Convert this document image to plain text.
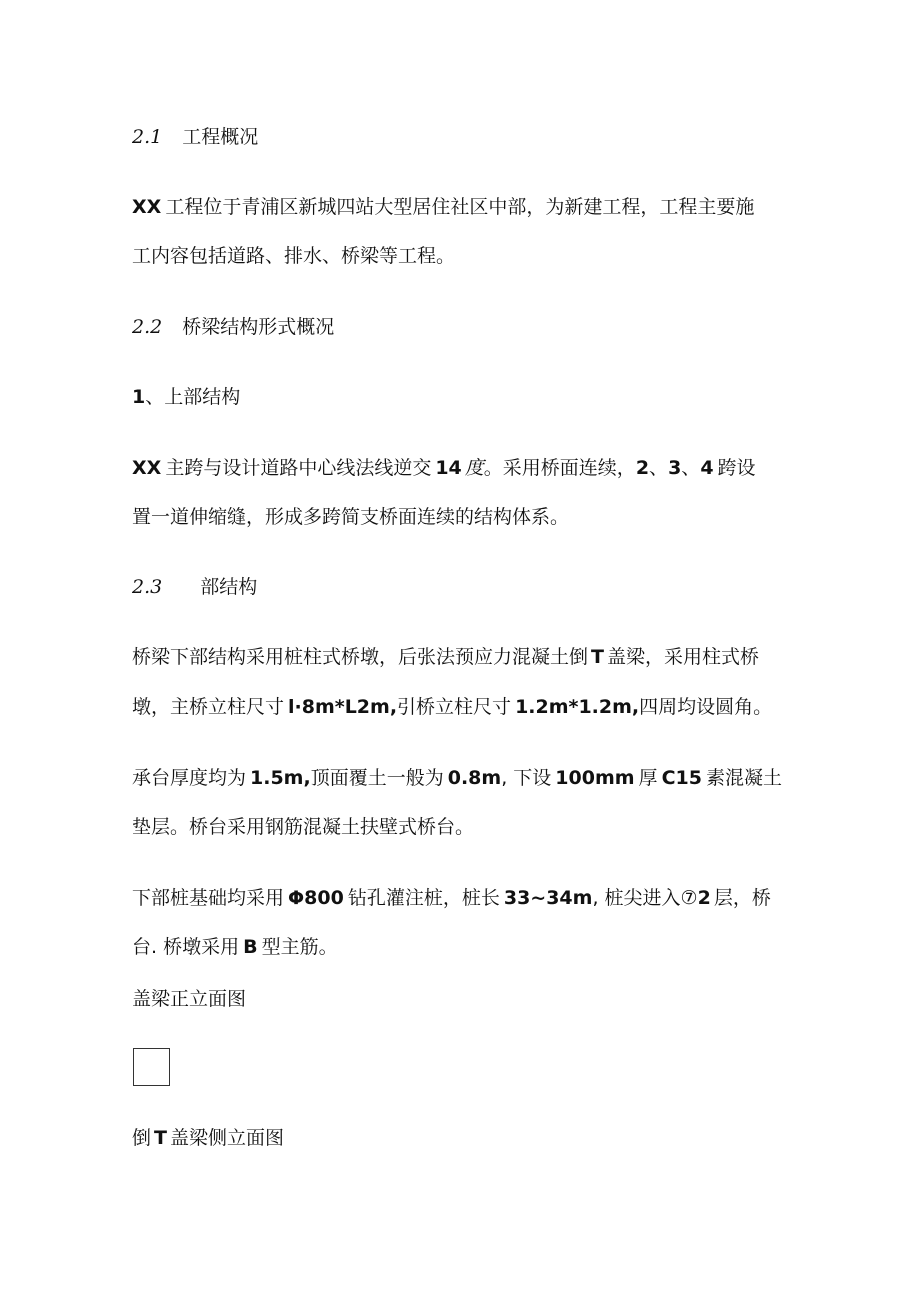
2.1 工程概况
XX 工程位于青浦区新城四站大型居住社区中部，为新建工程，工程主要施
工内容包括道路、排水、桥梁等工程。
2.2 桥梁结构形式概况
1、上部结构
XX 主跨与设计道路中心线法线逆交 14 度。采用桥面连续，2、3、4 跨设
置一道伸缩缝，形成多跨简支桥面连续的结构体系。
2.3 部结构
桥梁下部结构采用桩柱式桥墩，后张法预应力混凝土倒 T 盖梁，采用柱式桥
墩，主桥立柱尺寸 l·8m*L2m,引桥立柱尺寸 1.2m*1.2m,四周均设圆角。
承台厚度均为 1.5m,顶面覆土一般为 0.8m, 下设 100mm 厚 C15 素混凝土
垫层。桥台采用钢筋混凝土扶壁式桥台。
下部桩基础均采用 Φ800 钻孔灌注桩，桩长 33~34m, 桩尖进入⑦2 层，桥
台. 桥墩采用 B 型主筋。
盖梁正立面图
倒 T 盖梁侧立面图
